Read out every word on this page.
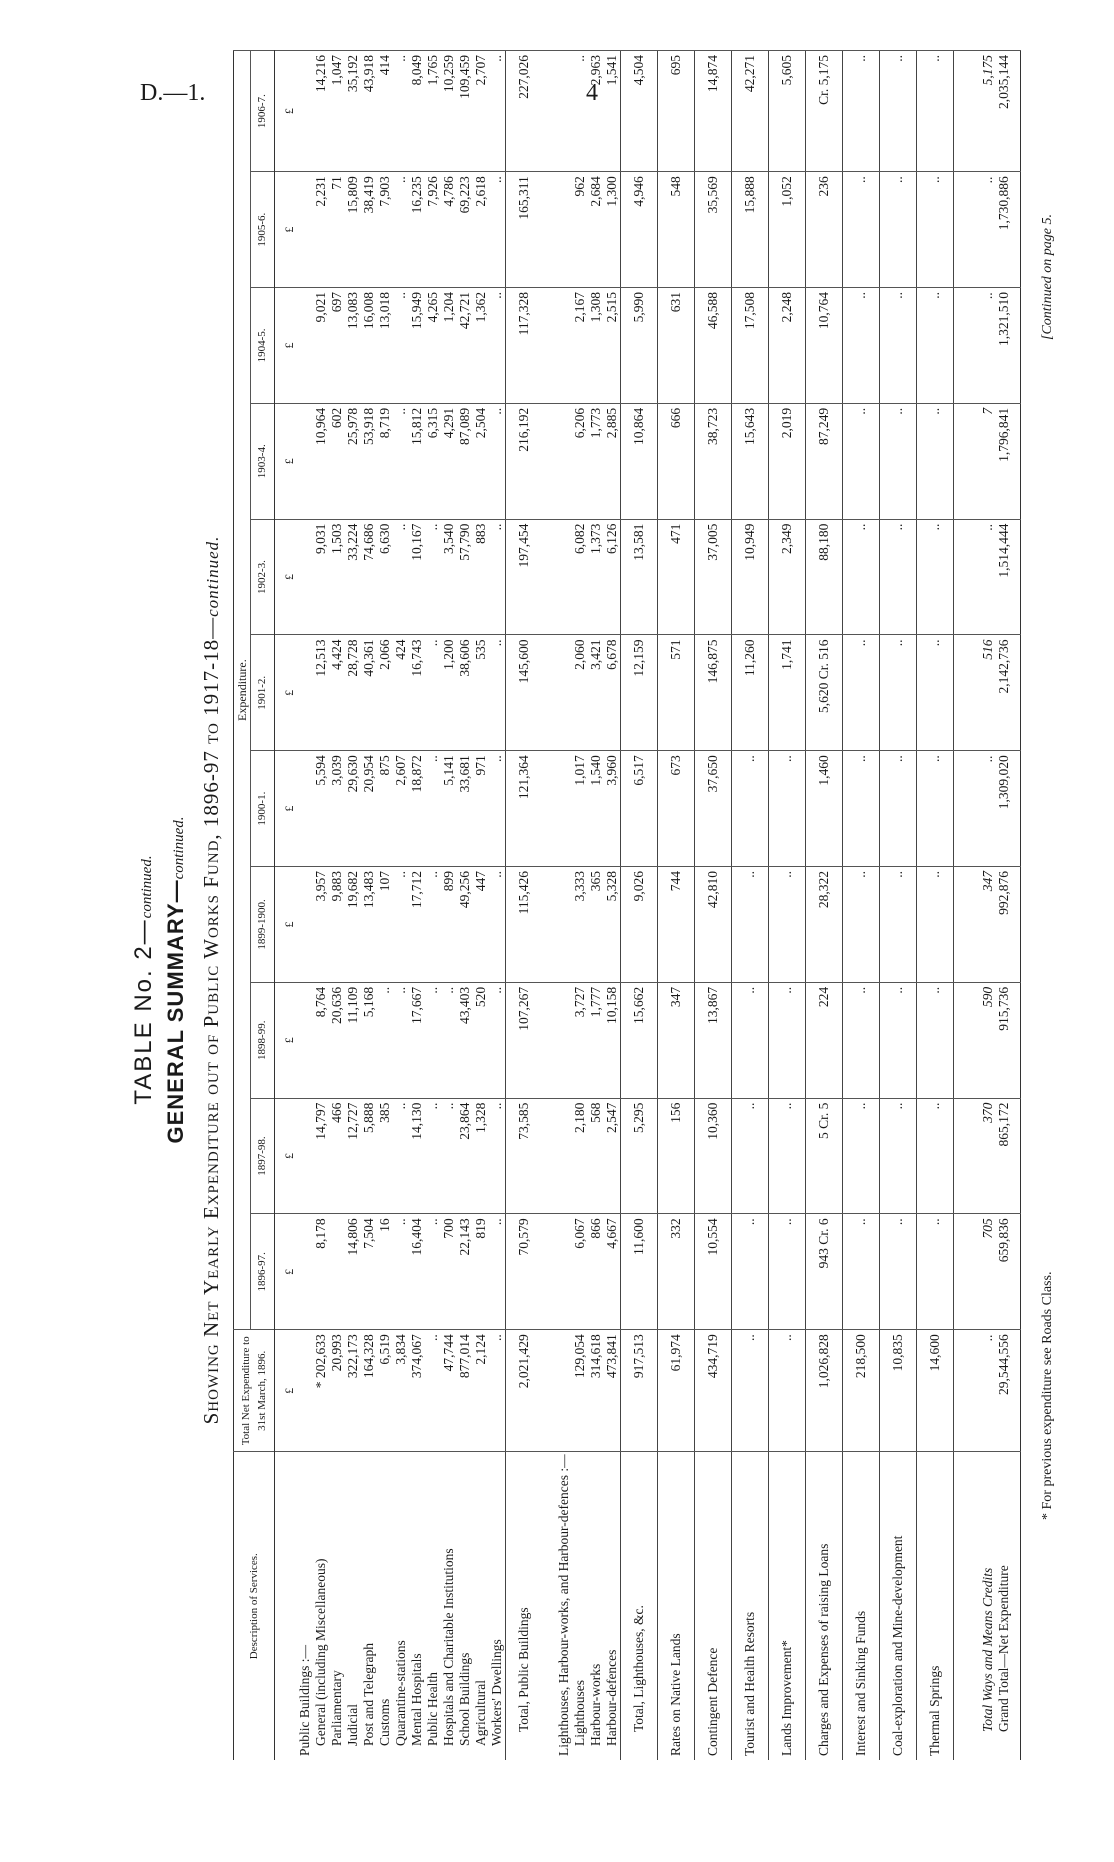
D.—1.	4
TABLE No. 2—continued. GENERAL SUMMARY—continued. Showing Net Yearly Expenditure out of Public Works Fund, 1896-97 to 1917-18—continued.
Description of Services.	Total Net Expenditure to 31st March, 1896.	Expenditure.										
		1896-97.	1897-98.	1898-99.	1899-1900.	1900-1.	1901-2.	1902-3.	1903-4.	1904-5.	1905-6.	1906-7.
	£	£	£	£	£	£	£	£	£	£	£	£
Public Buildings :—												
General (including Miscellaneous)	* 202,633	8,178	14,797	8,764	3,957	5,594	12,513	9,031	10,964	9,021	2,231	14,216
Parliamentary	20,993		466	20,636	9,883	3,039	4,424	1,503	602	697	71	1,047
Judicial	322,173	14,806	12,727	11,109	19,682	29,630	28,728	33,224	25,978	13,083	15,809	35,192
Post and Telegraph	164,328	7,504	5,888	5,168	13,483	20,954	40,361	74,686	53,918	16,008	38,419	43,918
Customs	6,519	16	385	..	107	875	2,066	6,630	8,719	13,018	7,903	414
Quarantine-stations	3,834	..	..	..	..	2,607	424	..	..	..	..	..
Mental Hospitals	374,067	16,404	14,130	17,667	17,712	18,872	16,743	10,167	15,812	15,949	16,235	8,049
Public Health	..	..	..	..	..	..	..	..	6,315	4,265	7,926	1,765
Hospitals and Charitable Institutions	47,744	700	..	..	899	5,141	1,200	3,540	4,291	1,204	4,786	10,259
School Buildings	877,014	22,143	23,864	43,403	49,256	33,681	38,606	57,790	87,089	42,721	69,223	109,459
Agricultural	2,124	819	1,328	520	447	971	535	883	2,504	1,362	2,618	2,707
Workers' Dwellings	..	..	..	..	..	..	..	..	..	..	..	..
Total, Public Buildings	2,021,429	70,579	73,585	107,267	115,426	121,364	145,600	197,454	216,192	117,328	165,311	227,026
Lighthouses, Harbour-works, and Harbour-defences :—												
Lighthouses	129,054	6,067	2,180	3,727	3,333	1,017	2,060	6,082	6,206	2,167	962	..
Harbour-works	314,618	866	568	1,777	365	1,540	3,421	1,373	1,773	1,308	2,684	2,963
Harbour-defences	473,841	4,667	2,547	10,158	5,328	3,960	6,678	6,126	2,885	2,515	1,300	1,541
Total, Lighthouses, &c.	917,513	11,600	5,295	15,662	9,026	6,517	12,159	13,581	10,864	5,990	4,946	4,504
Rates on Native Lands	61,974	332	156	347	744	673	571	471	666	631	548	695
Contingent Defence	434,719	10,554	10,360	13,867	42,810	37,650	146,875	37,005	38,723	46,588	35,569	14,874
Tourist and Health Resorts	..	..	..	..	..	..	11,260	10,949	15,643	17,508	15,888	42,271
Lands Improvement*	..	..	..	..	..	..	1,741	2,349	2,019	2,248	1,052	5,605
Charges and Expenses of raising Loans	1,026,828	943 Cr. 6	5 Cr. 5	224	28,322	1,460	5,620 Cr. 516	88,180	87,249	10,764	236	Cr. 5,175
Interest and Sinking Funds	218,500	..	..	..	..	..	..	..	..	..	..	..
Coal-exploration and Mine-development	10,835	..	..	..	..	..	..	..	..	..	..	..
Thermal Springs	14,600	..	..	..	..	..	..	..	..	..	..	..
Total Ways and Means Credits	..	705	370	590	347	..	516	..	7	..	..	5,175
Grand Total—Net Expenditure	29,544,556	659,836	865,172	915,736	992,876	1,309,020	2,142,736	1,514,444	1,796,841	1,321,510	1,730,886	2,035,144
* For previous expenditure see Roads Class.
[Continued on page 5.
